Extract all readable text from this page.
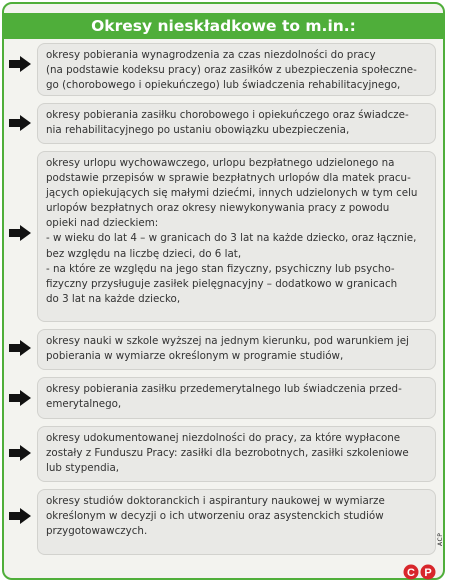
Okresy nieskładkowe to m.in.:
okresy pobierania wynagrodzenia za czas niezdolności do pracy
(na podstawie kodeksu pracy) oraz zasiłków z ubezpieczenia społeczne-
go (chorobowego i opiekuńczego) lub świadczenia rehabilitacyjnego,
okresy pobierania zasiłku chorobowego i opiekuńczego oraz świadcze-
nia rehabilitacyjnego po ustaniu obowiązku ubezpieczenia,
okresy urlopu wychowawczego, urlopu bezpłatnego udzielonego na
podstawie przepisów w sprawie bezpłatnych urlopów dla matek pracu-
jących opiekujących się małymi dziećmi, innych udzielonych w tym celu
urlopów bezpłatnych oraz okresy niewykonywania pracy z powodu
opieki nad dzieckiem:
- w wieku do lat 4 – w granicach do 3 lat na każde dziecko, oraz łącznie,
bez względu na liczbę dzieci, do 6 lat,
- na które ze względu na jego stan fizyczny, psychiczny lub psycho-
fizyczny przysługuje zasiłek pielęgnacyjny – dodatkowo w granicach
do 3 lat na każde dziecko,
okresy nauki w szkole wyższej na jednym kierunku, pod warunkiem jej
pobierania w wymiarze określonym w programie studiów,
okresy pobierania zasiłku przedemerytalnego lub świadczenia przed-
emerytalnego,
okresy udokumentowanej niezdolności do pracy, za które wypłacone
zostały z Funduszu Pracy: zasiłki dla bezrobotnych, zasiłki szkoleniowe
lub stypendia,
okresy studiów doktoranckich i aspirantury naukowej w wymiarze
określonym w decyzji o ich utworzeniu oraz asystenckich studiów
przygotowawczych.
ACP
C P
